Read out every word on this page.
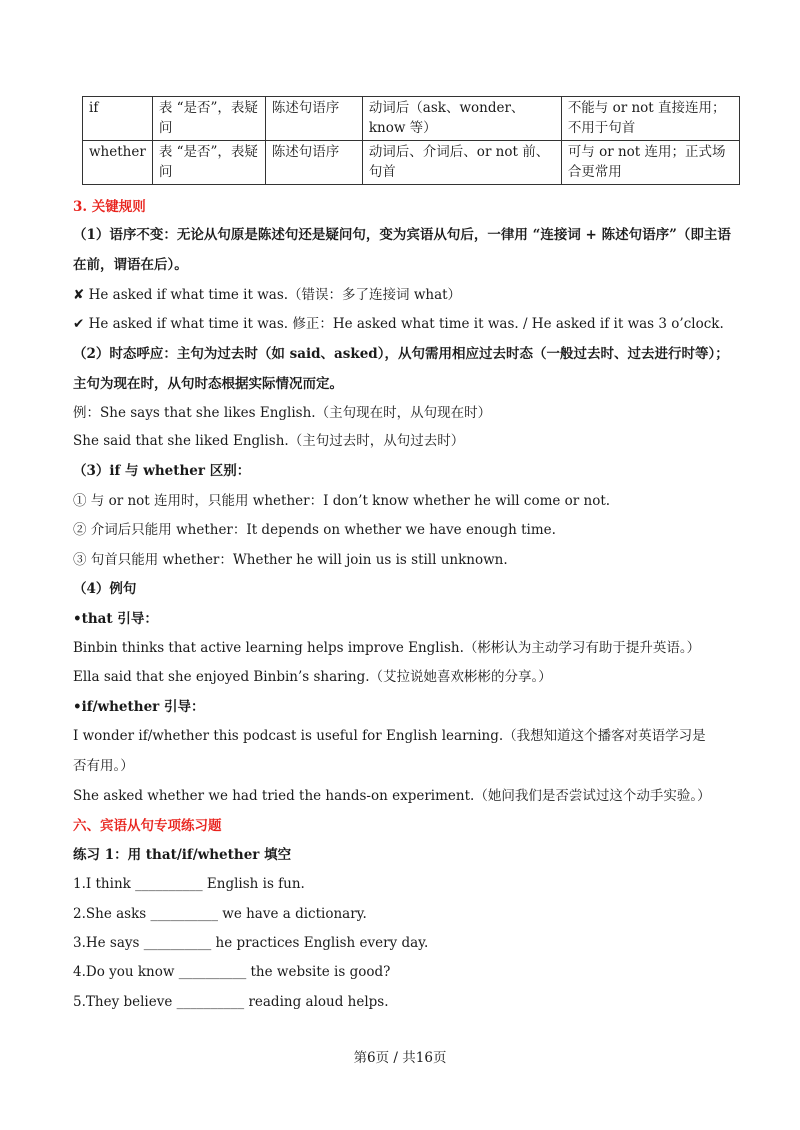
if	表 “是否”，表疑问	陈述句语序	动词后（ask、wonder、know 等）	不能与 or not 直接连用；不用于句首
whether	表 “是否”，表疑问	陈述句语序	动词后、介词后、or not 前、句首	可与 or not 连用；正式场合更常用
3. 关键规则
（1）语序不变：无论从句原是陈述句还是疑问句，变为宾语从句后，一律用 “连接词 + 陈述句语序”（即主语在前，谓语在后）。
✘ He asked if what time it was.（错误：多了连接词 what）
✔ He asked if what time it was. 修正：He asked what time it was. / He asked if it was 3 o’clock.
（2）时态呼应：主句为过去时（如 said、asked），从句需用相应过去时态（一般过去时、过去进行时等）；主句为现在时，从句时态根据实际情况而定。
例：She says that she likes English.（主句现在时，从句现在时）
She said that she liked English.（主句过去时，从句过去时）
（3）if 与 whether 区别：
① 与 or not 连用时，只能用 whether：I don’t know whether he will come or not.
② 介词后只能用 whether：It depends on whether we have enough time.
③ 句首只能用 whether：Whether he will join us is still unknown.
（4）例句
•that 引导：
Binbin thinks that active learning helps improve English.（彬彬认为主动学习有助于提升英语。）
Ella said that she enjoyed Binbin’s sharing.（艾拉说她喜欢彬彬的分享。）
•if/whether 引导：
I wonder if/whether this podcast is useful for English learning.（我想知道这个播客对英语学习是否有用。）
She asked whether we had tried the hands-on experiment.（她问我们是否尝试过这个动手实验。）
六、宾语从句专项练习题
练习 1：用 that/if/whether 填空
1.I think __________ English is fun.
2.She asks __________ we have a dictionary.
3.He says __________ he practices English every day.
4.Do you know __________ the website is good?
5.They believe __________ reading aloud helps.
第6页 / 共16页
